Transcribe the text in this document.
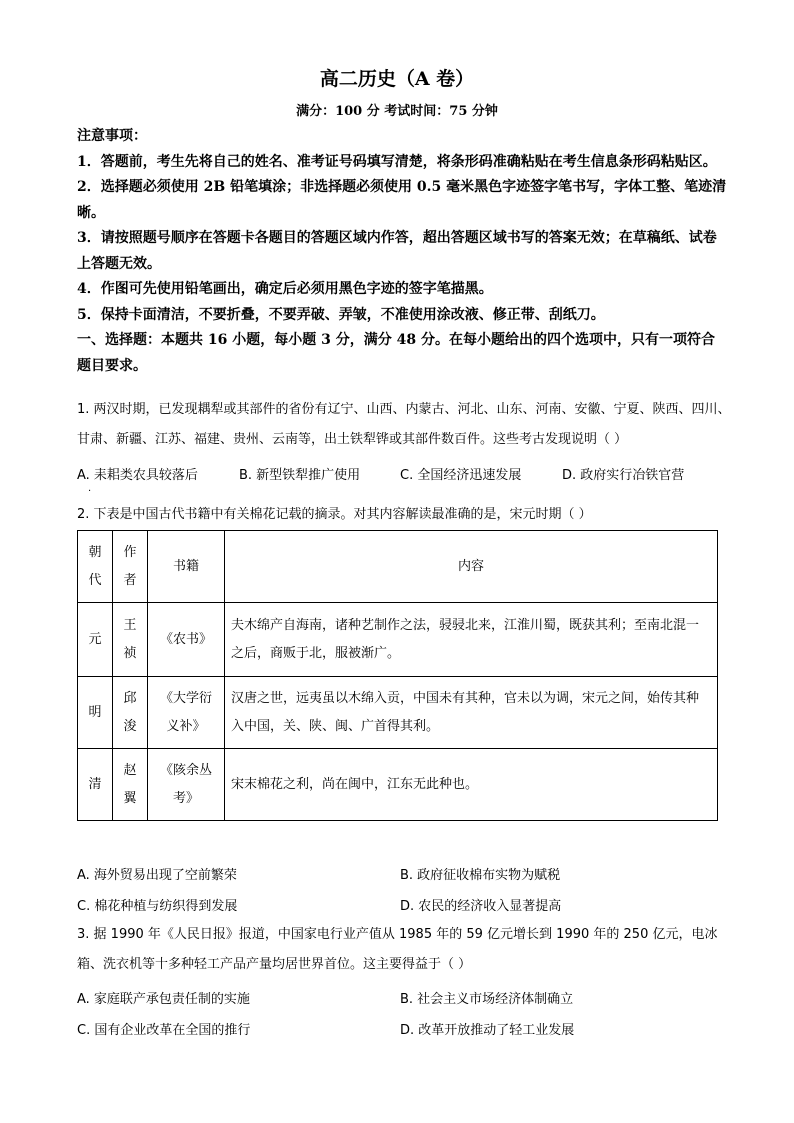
高二历史（A 卷）
满分：100 分 考试时间：75 分钟

注意事项：

1．答题前，考生先将自己的姓名、准考证号码填写清楚，将条形码准确粘贴在考生信息条形码粘贴区。

2．选择题必须使用 2B 铅笔填涂；非选择题必须使用 0.5 毫米黑色字迹签字笔书写，字体工整、笔迹清晰。

3．请按照题号顺序在答题卡各题目的答题区域内作答，超出答题区域书写的答案无效；在草稿纸、试卷上答题无效。

4．作图可先使用铅笔画出，确定后必须用黑色字迹的签字笔描黑。

5．保持卡面清洁，不要折叠，不要弄破、弄皱，不准使用涂改液、修正带、刮纸刀。

一、选择题：本题共 16 小题，每小题 3 分，满分 48 分。在每小题给出的四个选项中，只有一项符合题目要求。

1. 两汉时期，已发现耦犁或其部件的省份有辽宁、山西、内蒙古、河北、山东、河南、安徽、宁夏、陕西、四川、甘肃、新疆、江苏、福建、贵州、云南等，出土铁犁铧或其部件数百件。这些考古发现说明（ ）

A. 耒耜类农具较落后	B. 新型铁犁推广使用	C. 全国经济迅速发展	D. 政府实行冶铁官营
·

2. 下表是中国古代书籍中有关棉花记载的摘录。对其内容解读最准确的是，宋元时期（ ）

朝代	作者	书籍	内容
元	王祯	《农书》	夫木绵产自海南，诸种艺制作之法，骎骎北来，江淮川蜀，既获其利；至南北混一之后，商贩于北，服被渐广。
明	邱浚	《大学衍义补》	汉唐之世，远夷虽以木绵入贡，中国未有其种，官未以为调，宋元之间，始传其种入中国，关、陕、闽、广首得其利。
清	赵翼	《陔余丛考》	宋末棉花之利，尚在闽中，江东无此种也。
A. 海外贸易出现了空前繁荣	B. 政府征收棉布实物为赋税
C. 棉花种植与纺织得到发展	D. 农民的经济收入显著提高

3. 据 1990 年《人民日报》报道，中国家电行业产值从 1985 年的 59 亿元增长到 1990 年的 250 亿元，电冰箱、洗衣机等十多种轻工产品产量均居世界首位。这主要得益于（ ）

A. 家庭联产承包责任制的实施	B. 社会主义市场经济体制确立
C. 国有企业改革在全国的推行	D. 改革开放推动了轻工业发展
